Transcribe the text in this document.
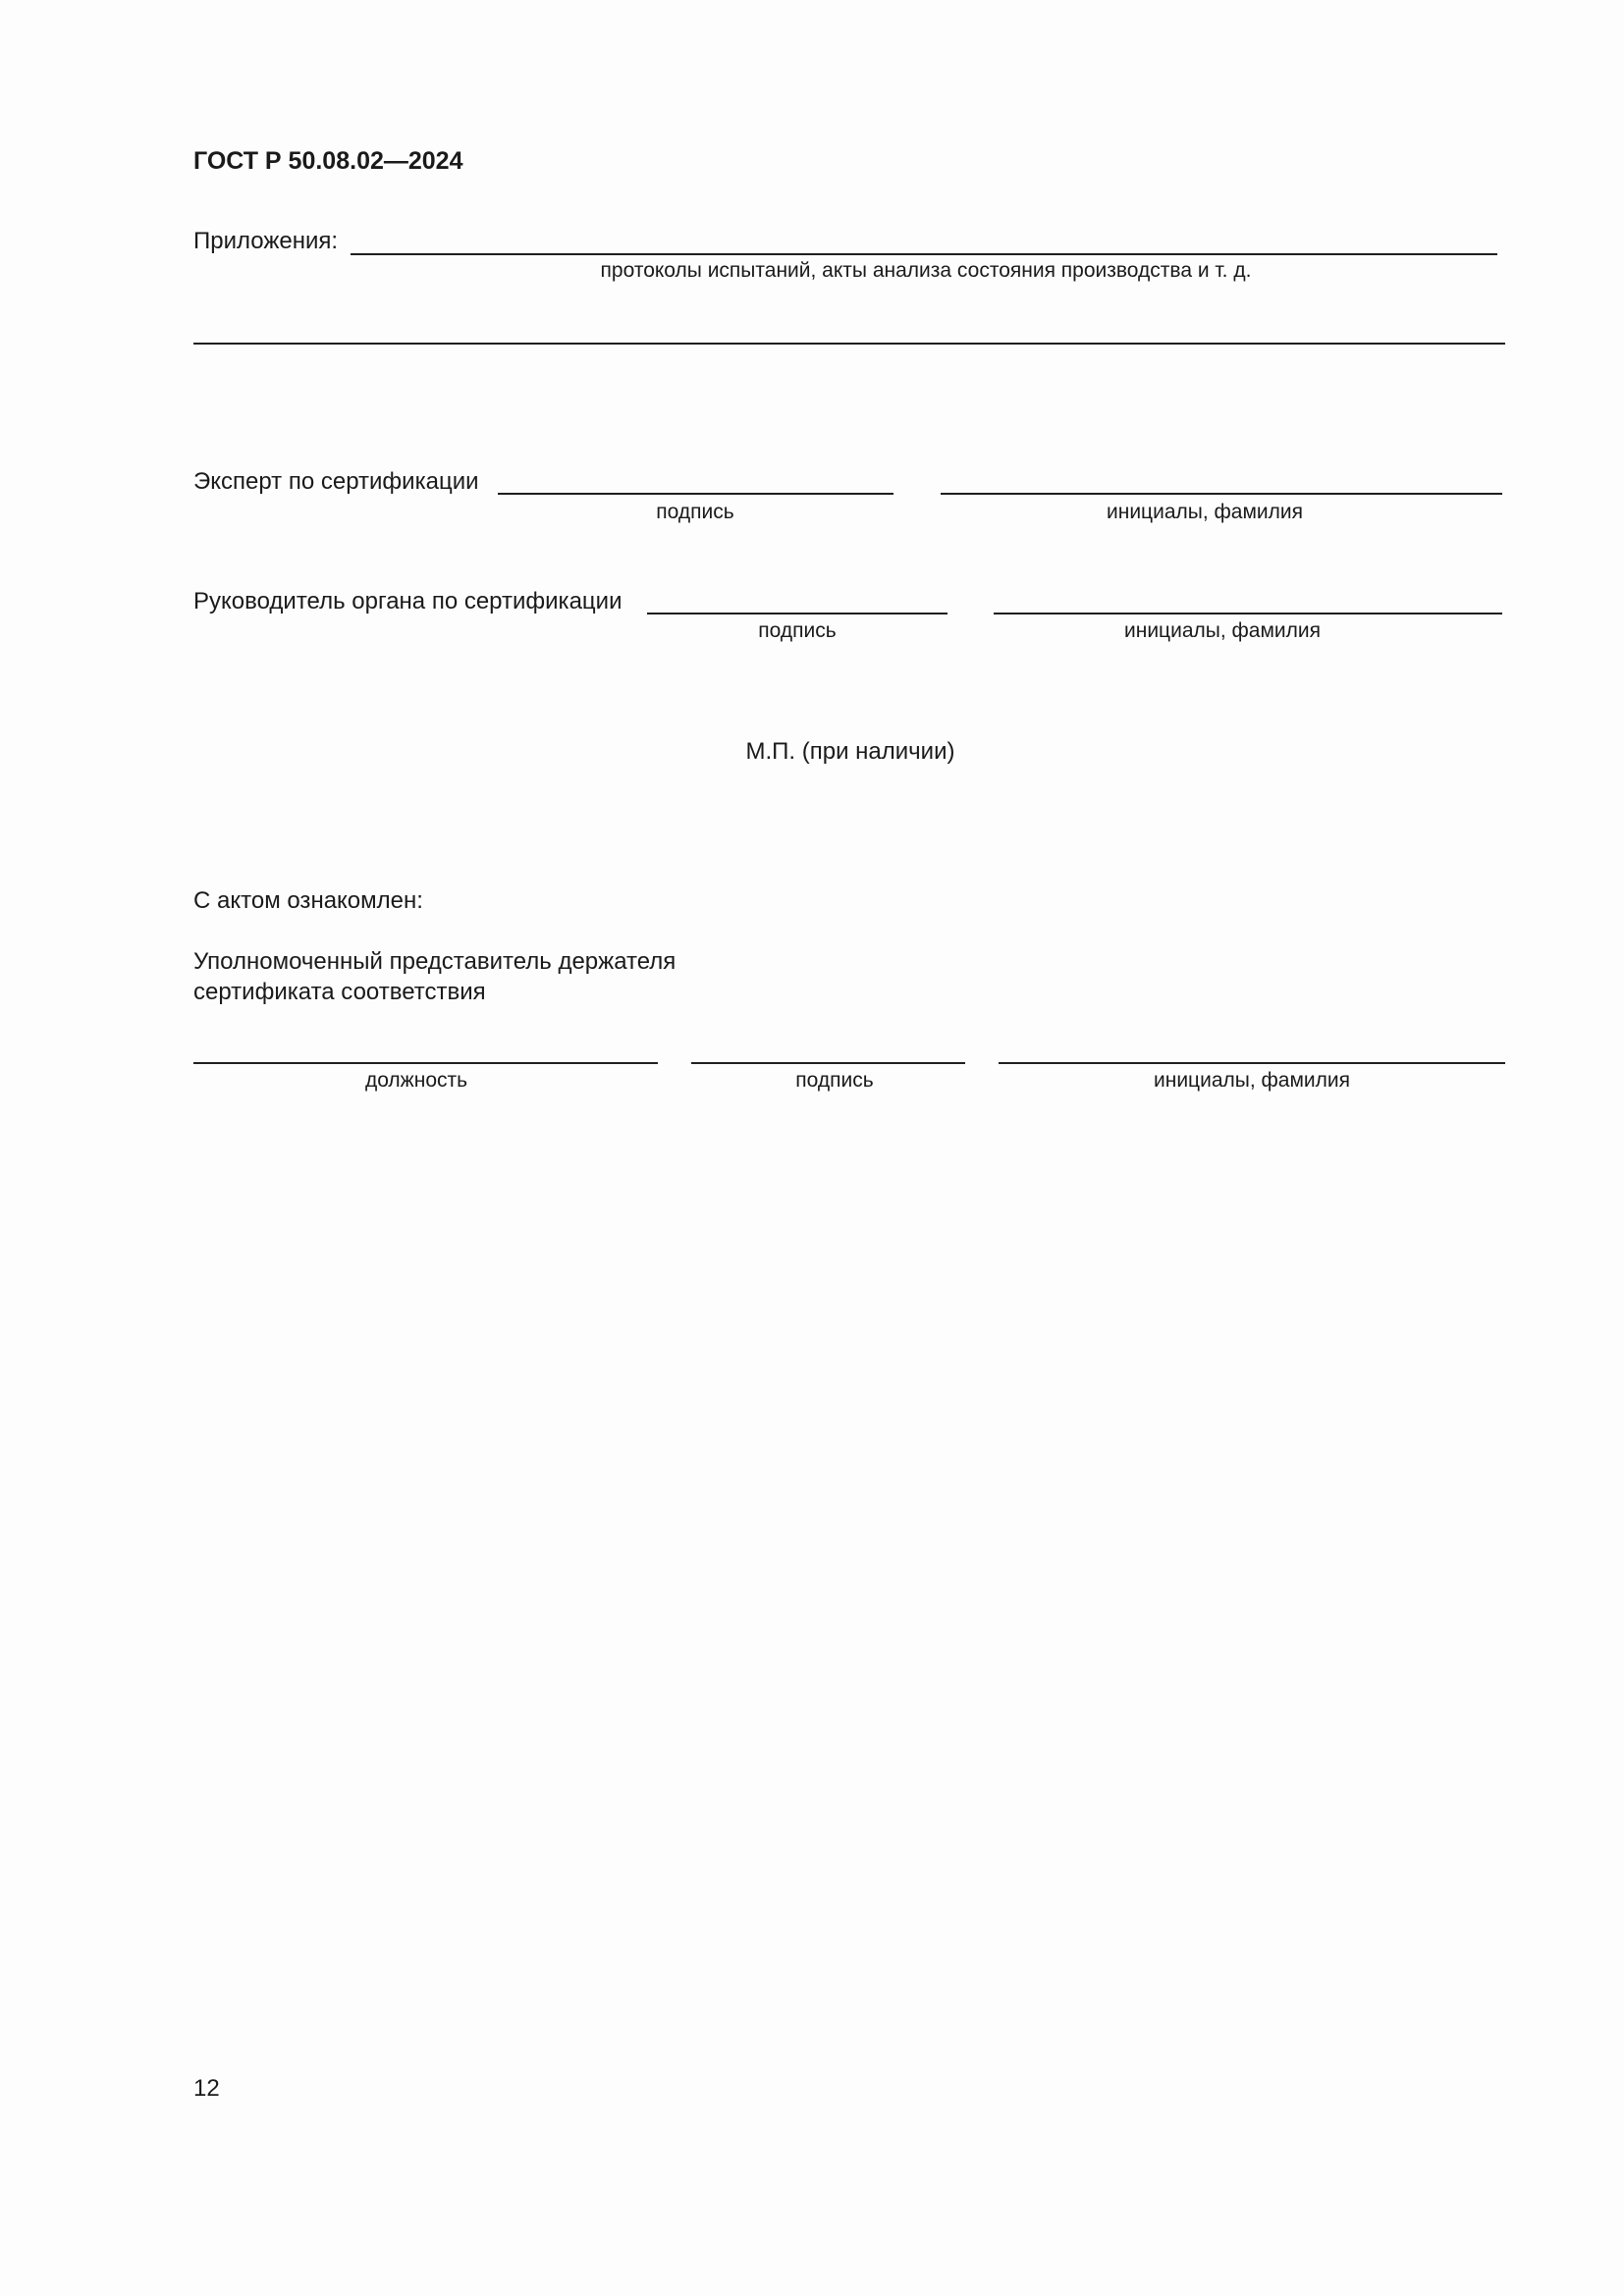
ГОСТ Р 50.08.02—2024
Приложения:
протоколы испытаний, акты анализа состояния производства и т. д.
Эксперт по сертификации
подпись	инициалы, фамилия
Руководитель органа по сертификации
подпись	инициалы, фамилия
М.П. (при наличии)
С актом ознакомлен:
Уполномоченный представитель держателя
сертификата соответствия
должность	подпись	инициалы, фамилия
12
